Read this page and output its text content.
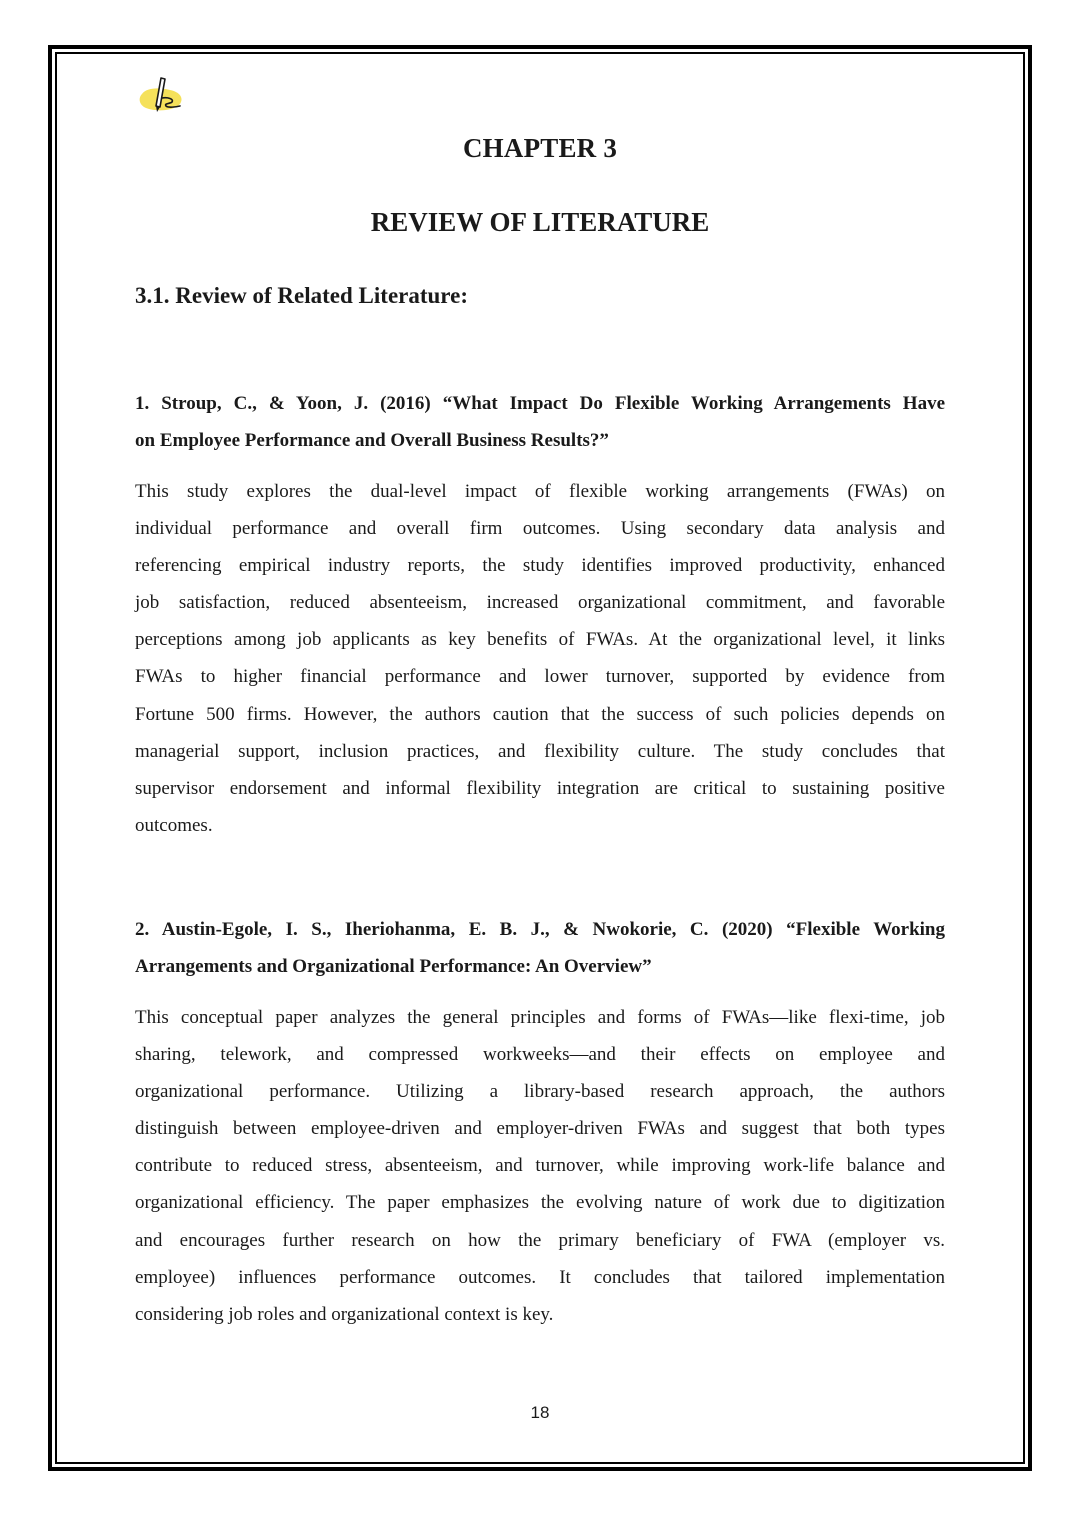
CHAPTER 3
REVIEW OF LITERATURE
3.1. Review of Related Literature:
1. Stroup, C., & Yoon, J. (2016) “What Impact Do Flexible Working Arrangements Have
on Employee Performance and Overall Business Results?”
This study explores the dual-level impact of flexible working arrangements (FWAs) on
individual performance and overall firm outcomes. Using secondary data analysis and
referencing empirical industry reports, the study identifies improved productivity, enhanced
job satisfaction, reduced absenteeism, increased organizational commitment, and favorable
perceptions among job applicants as key benefits of FWAs. At the organizational level, it links
FWAs to higher financial performance and lower turnover, supported by evidence from
Fortune 500 firms. However, the authors caution that the success of such policies depends on
managerial support, inclusion practices, and flexibility culture. The study concludes that
supervisor endorsement and informal flexibility integration are critical to sustaining positive
outcomes.
2. Austin-Egole, I. S., Iheriohanma, E. B. J., & Nwokorie, C. (2020) “Flexible Working
Arrangements and Organizational Performance: An Overview”
This conceptual paper analyzes the general principles and forms of FWAs—like flexi-time, job
sharing, telework, and compressed workweeks—and their effects on employee and
organizational performance. Utilizing a library-based research approach, the authors
distinguish between employee-driven and employer-driven FWAs and suggest that both types
contribute to reduced stress, absenteeism, and turnover, while improving work-life balance and
organizational efficiency. The paper emphasizes the evolving nature of work due to digitization
and encourages further research on how the primary beneficiary of FWA (employer vs.
employee) influences performance outcomes. It concludes that tailored implementation
considering job roles and organizational context is key.
18
